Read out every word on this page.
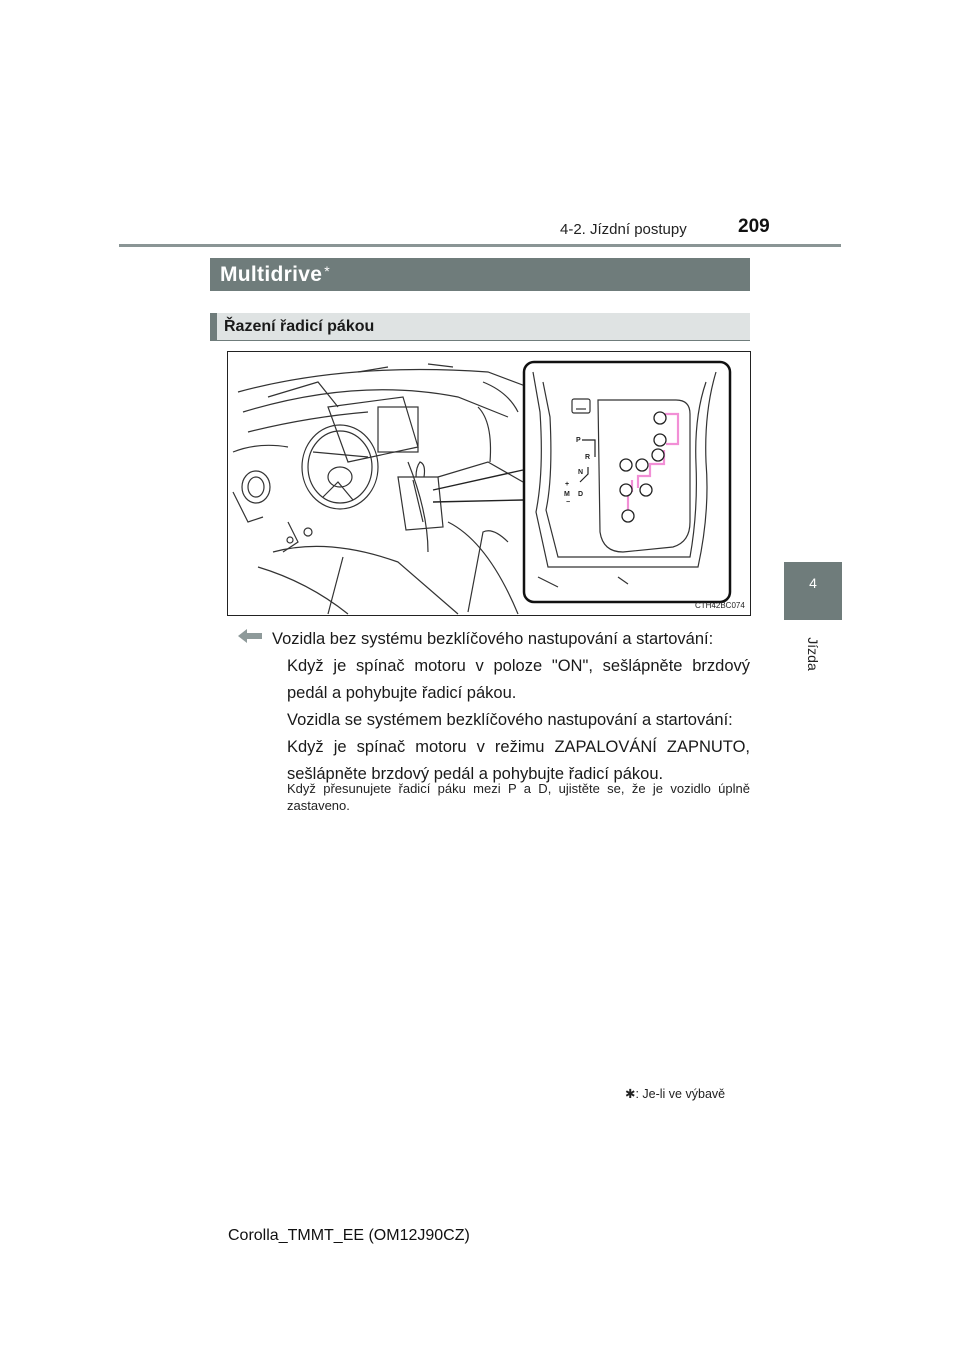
4-2. Jízdní postupy	209
4
Jízda
Multidrive *
Řazení řadicí pákou
P
R
N
D
M
+
−
CTH42BC074
Vozidla bez systému bezklíčového nastupování a startování:
Když je spínač motoru v poloze "ON", sešlápněte brzdový pedál a pohybujte řadicí pákou.
Vozidla se systémem bezklíčového nastupování a startování:
Když je spínač motoru v režimu ZAPALOVÁNÍ ZAPNUTO, sešlápněte brzdový pedál a pohybujte řadicí pákou.
Když přesunujete řadicí páku mezi P a D, ujistěte se, že je vozidlo úplně zastaveno.
✱: Je-li ve výbavě
Corolla_TMMT_EE (OM12J90CZ)
